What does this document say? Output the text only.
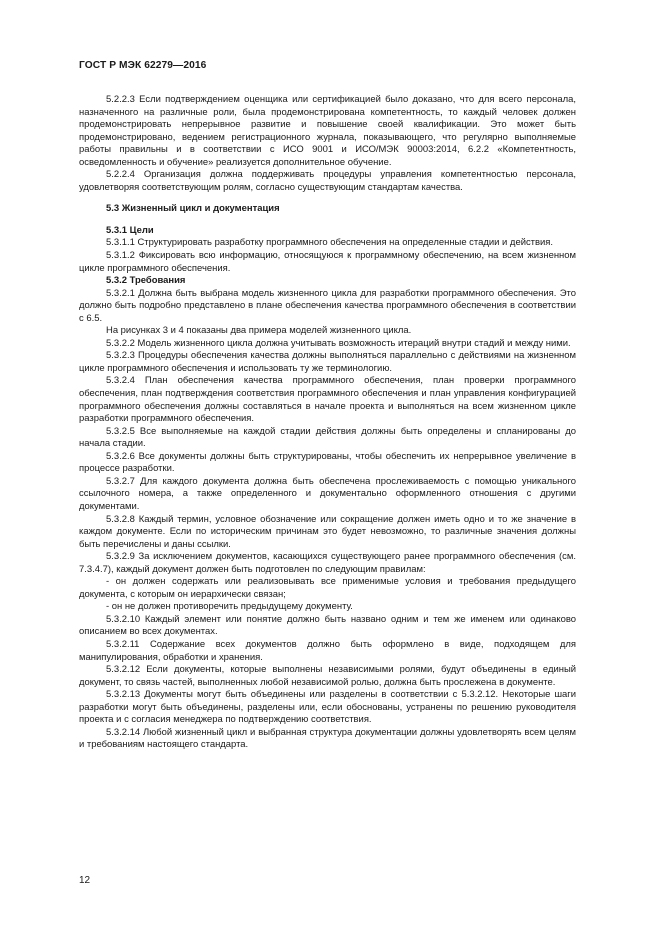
ГОСТ Р МЭК 62279—2016

5.2.2.3 Если подтверждением оценщика или сертификацией было доказано, что для всего персонала, назначенного на различные роли, была продемонстрирована компетентность, то каждый человек должен продемонстрировать непрерывное развитие и повышение своей квалификации. Это может быть продемонстрировано, ведением регистрационного журнала, показывающего, что регулярно выполняемые работы правильны и в соответствии с ИСО 9001 и ИСО/МЭК 90003:2014, 6.2.2 «Компетентность, осведомленность и обучение» реализуется дополнительное обучение.

5.2.2.4 Организация должна поддерживать процедуры управления компетентностью персонала, удовлетворяя соответствующим ролям, согласно существующим стандартам качества.

5.3 Жизненный цикл и документация

5.3.1 Цели

5.3.1.1 Структурировать разработку программного обеспечения на определенные стадии и действия.

5.3.1.2 Фиксировать всю информацию, относящуюся к программному обеспечению, на всем жизненном цикле программного обеспечения.

5.3.2 Требования

5.3.2.1 Должна быть выбрана модель жизненного цикла для разработки программного обеспечения. Это должно быть подробно представлено в плане обеспечения качества программного обеспечения в соответствии с 6.5.

На рисунках 3 и 4 показаны два примера моделей жизненного цикла.

5.3.2.2 Модель жизненного цикла должна учитывать возможность итераций внутри стадий и между ними.

5.3.2.3 Процедуры обеспечения качества должны выполняться параллельно с действиями на жизненном цикле программного обеспечения и использовать ту же терминологию.

5.3.2.4 План обеспечения качества программного обеспечения, план проверки программного обеспечения, план подтверждения соответствия программного обеспечения и план управления конфигурацией программного обеспечения должны составляться в начале проекта и выполняться на всем жизненном цикле разработки программного обеспечения.

5.3.2.5 Все выполняемые на каждой стадии действия должны быть определены и спланированы до начала стадии.

5.3.2.6 Все документы должны быть структурированы, чтобы обеспечить их непрерывное увеличение в процессе разработки.

5.3.2.7 Для каждого документа должна быть обеспечена прослеживаемость с помощью уникального ссылочного номера, а также определенного и документально оформленного отношения с другими документами.

5.3.2.8 Каждый термин, условное обозначение или сокращение должен иметь одно и то же значение в каждом документе. Если по историческим причинам это будет невозможно, то различные значения должны быть перечислены и даны ссылки.

5.3.2.9 За исключением документов, касающихся существующего ранее программного обеспечения (см. 7.3.4.7), каждый документ должен быть подготовлен по следующим правилам:

- он должен содержать или реализовывать все применимые условия и требования предыдущего документа, с которым он иерархически связан;

- он не должен противоречить предыдущему документу.

5.3.2.10 Каждый элемент или понятие должно быть названо одним и тем же именем или одинаково описанием во всех документах.

5.3.2.11 Содержание всех документов должно быть оформлено в виде, подходящем для манипулирования, обработки и хранения.

5.3.2.12 Если документы, которые выполнены независимыми ролями, будут объединены в единый документ, то связь частей, выполненных любой независимой ролью, должна быть прослежена в документе.

5.3.2.13 Документы могут быть объединены или разделены в соответствии с 5.3.2.12. Некоторые шаги разработки могут быть объединены, разделены или, если обоснованы, устранены по решению руководителя проекта и с согласия менеджера по подтверждению соответствия.

5.3.2.14 Любой жизненный цикл и выбранная структура документации должны удовлетворять всем целям и требованиям настоящего стандарта.

12
